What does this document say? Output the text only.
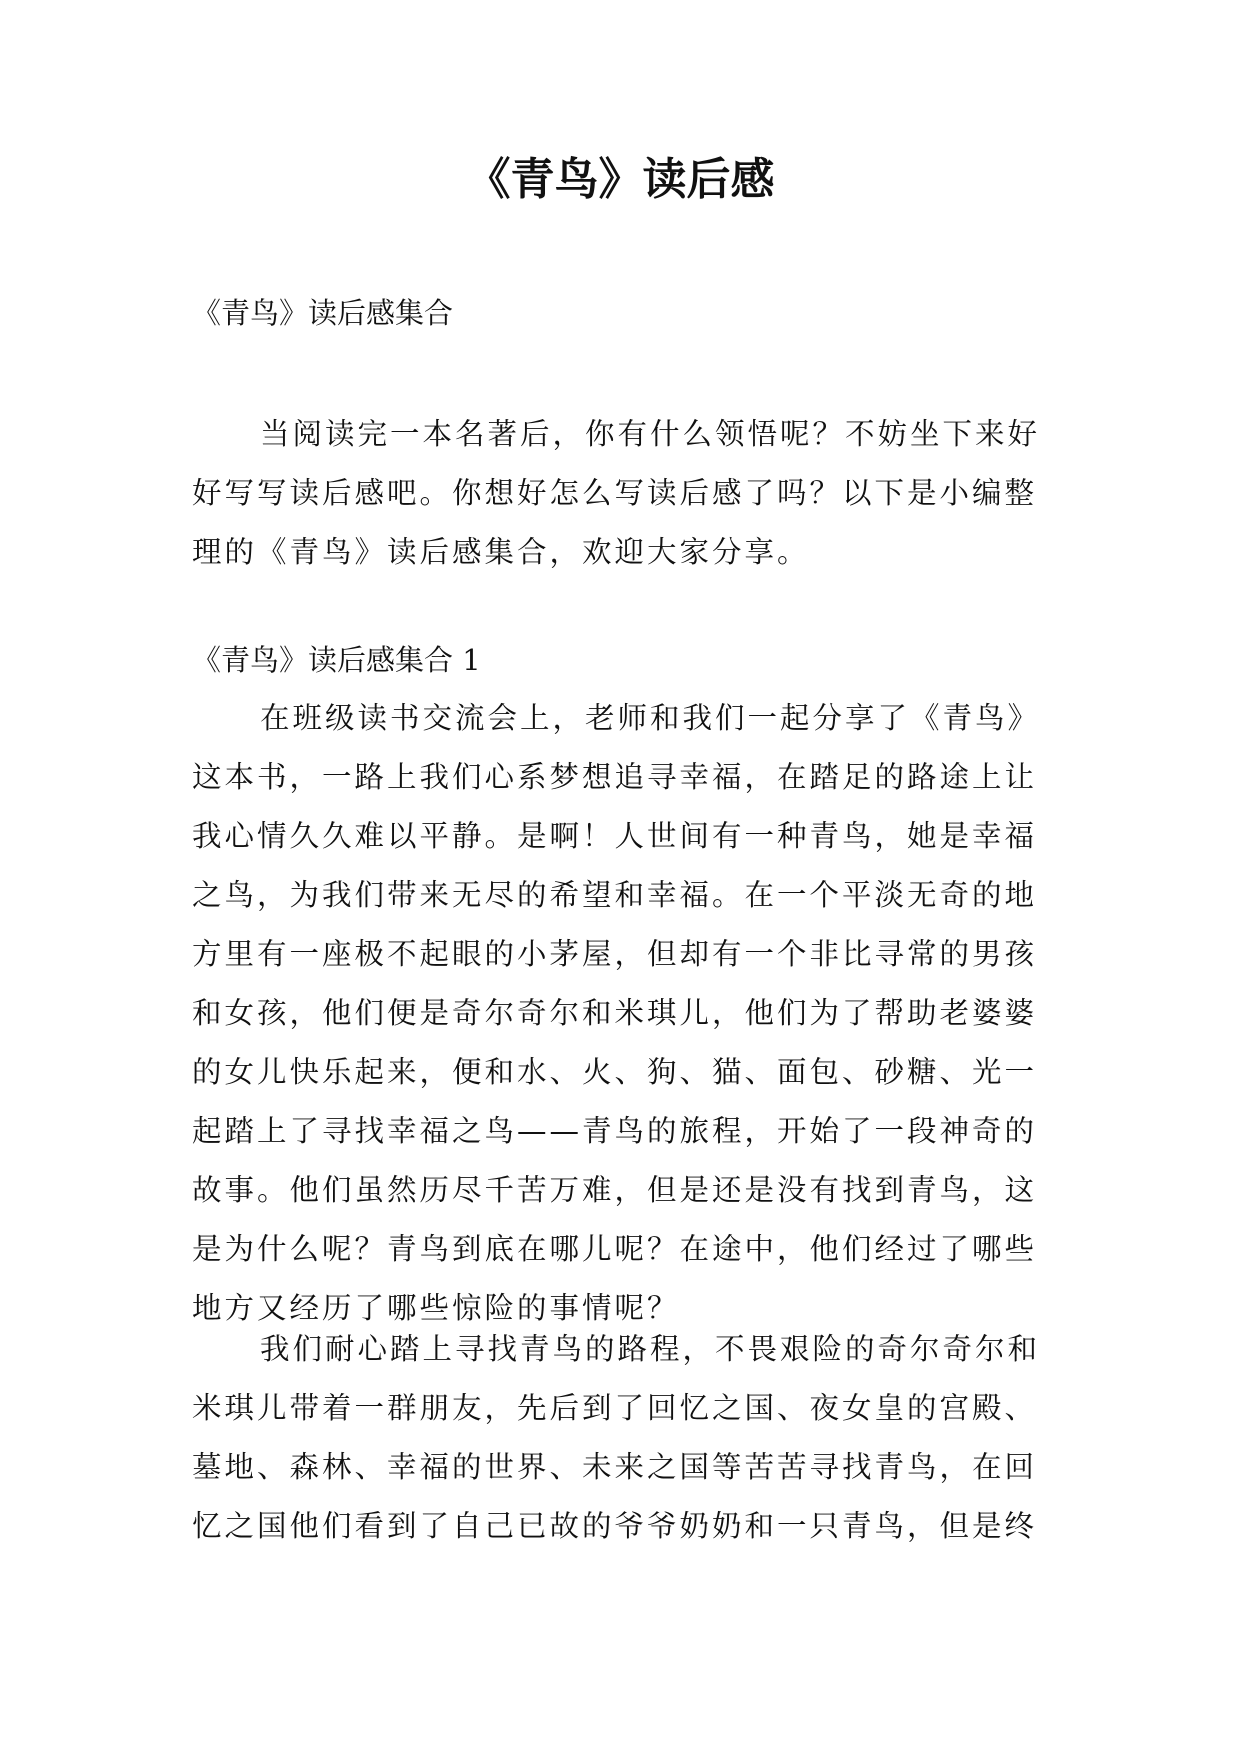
《青鸟》读后感

《青鸟》读后感集合

当阅读完一本名著后，你有什么领悟呢？不妨坐下来好
好写写读后感吧。你想好怎么写读后感了吗？以下是小编整
理的《青鸟》读后感集合，欢迎大家分享。

《青鸟》读后感集合 1

在班级读书交流会上，老师和我们一起分享了《青鸟》
这本书，一路上我们心系梦想追寻幸福，在踏足的路途上让
我心情久久难以平静。是啊！人世间有一种青鸟，她是幸福
之鸟，为我们带来无尽的希望和幸福。在一个平淡无奇的地
方里有一座极不起眼的小茅屋，但却有一个非比寻常的男孩
和女孩，他们便是奇尔奇尔和米琪儿，他们为了帮助老婆婆
的女儿快乐起来，便和水、火、狗、猫、面包、砂糖、光一
起踏上了寻找幸福之鸟——青鸟的旅程，开始了一段神奇的
故事。他们虽然历尽千苦万难，但是还是没有找到青鸟，这
是为什么呢？青鸟到底在哪儿呢？在途中，他们经过了哪些
地方又经历了哪些惊险的事情呢？
我们耐心踏上寻找青鸟的路程，不畏艰险的奇尔奇尔和
米琪儿带着一群朋友，先后到了回忆之国、夜女皇的宫殿、
墓地、森林、幸福的世界、未来之国等苦苦寻找青鸟，在回
忆之国他们看到了自己已故的爷爷奶奶和一只青鸟，但是终
